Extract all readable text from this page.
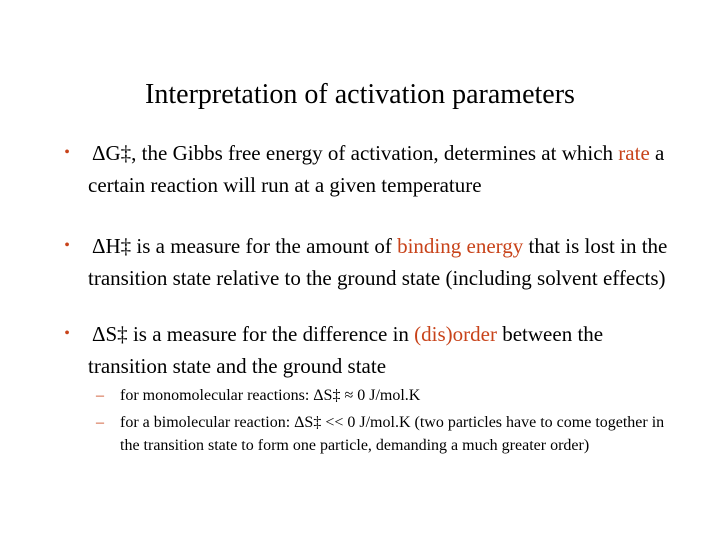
Interpretation of activation parameters
• ΔG‡, the Gibbs free energy of activation, determines at which rate a certain reaction will run at a given temperature
• ΔH‡ is a measure for the amount of binding energy that is lost in the transition state relative to the ground state (including solvent effects)
• ΔS‡ is a measure for the difference in (dis)order between the transition state and the ground state
– for monomolecular reactions: ΔS‡ ≈ 0 J/mol.K
– for a bimolecular reaction: ΔS‡ << 0 J/mol.K (two particles have to come together in the transition state to form one particle, demanding a much greater order)
